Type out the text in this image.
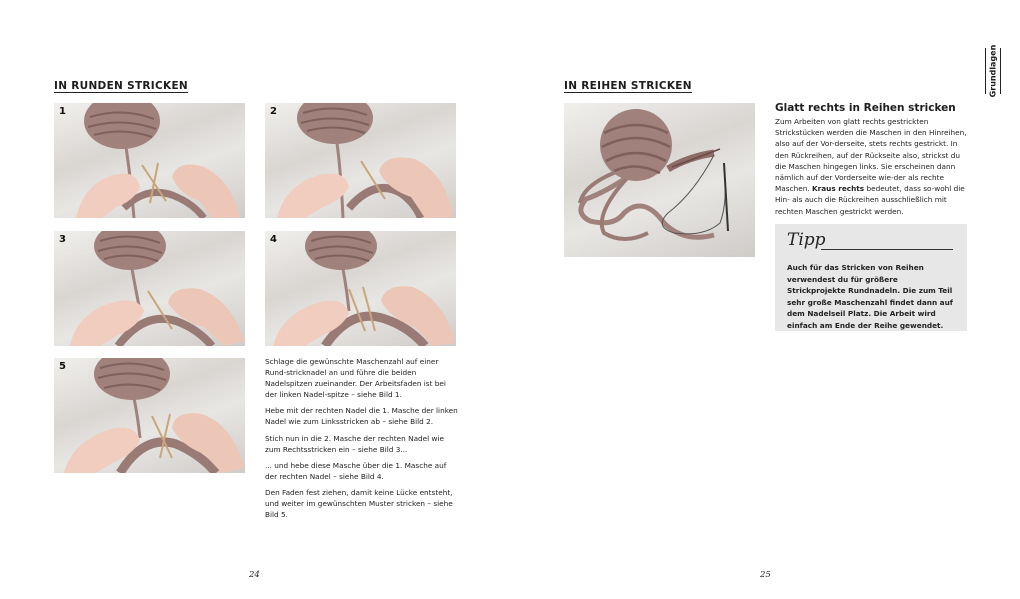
IN RUNDEN STRICKEN
1	2
3	4
5	Schlage die gewünschte Maschenzahl auf einer Rund-stricknadel an und führe die beiden Nadelspitzen zueinander. Der Arbeitsfaden ist bei der linken Nadel-spitze – siehe Bild 1.

Hebe mit der rechten Nadel die 1. Masche der linken Nadel wie zum Linksstricken ab – siehe Bild 2.

Stich nun in die 2. Masche der rechten Nadel wie zum Rechtsstricken ein – siehe Bild 3...

... und hebe diese Masche über die 1. Masche auf der rechten Nadel – siehe Bild 4.

Den Faden fest ziehen, damit keine Lücke entsteht, und weiter im gewünschten Muster stricken – siehe Bild 5.

24
IN REIHEN STRICKEN
Glatt rechts in Reihen stricken
Zum Arbeiten von glatt rechts gestrickten Strickstücken werden die Maschen in den Hinreihen, also auf der Vor-derseite, stets rechts gestrickt. In den Rückreihen, auf der Rückseite also, strickst du die Maschen hingegen links. Sie erscheinen dann nämlich auf der Vorderseite wie-der als rechte Maschen. Kraus rechts bedeutet, dass so-wohl die Hin- als auch die Rückreihen ausschließlich mit rechten Maschen gestrickt werden.
Tipp
Auch für das Stricken von Reihen verwendest du für größere Strickprojekte Rundnadeln. Die zum Teil sehr große Maschenzahl findet dann auf dem Nadelseil Platz. Die Arbeit wird einfach am Ende der Reihe gewendet.
25
Grundlagen
